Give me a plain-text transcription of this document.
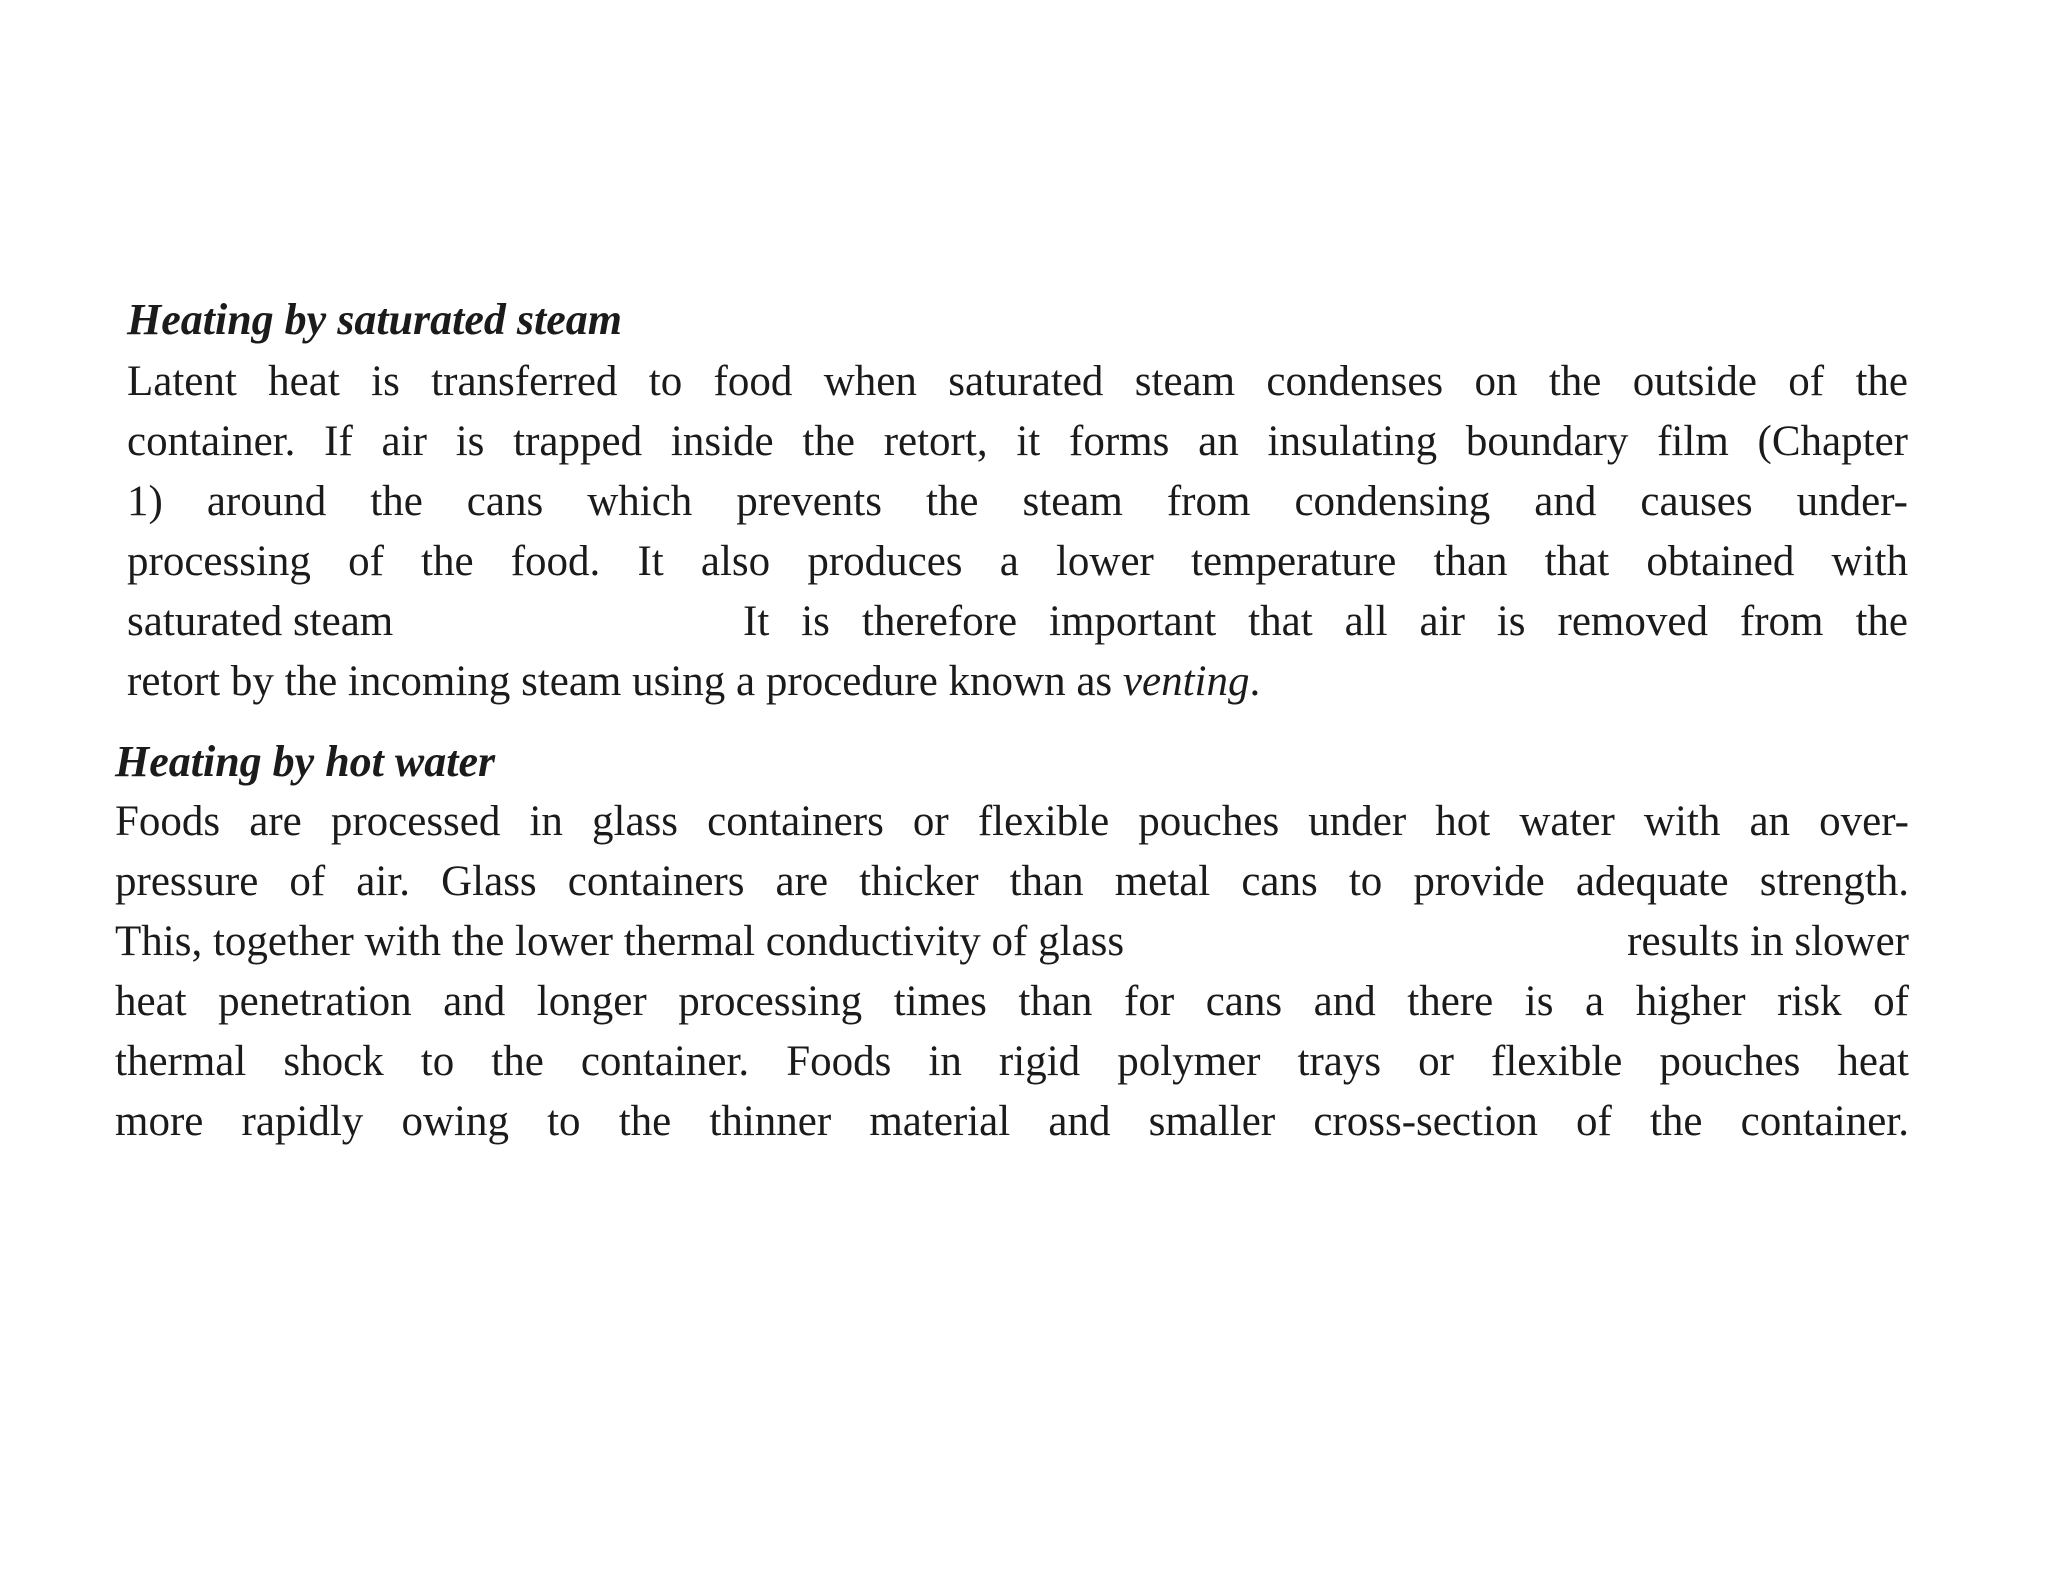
Heating by saturated steam
Latent heat is transferred to food when saturated steam condenses on the outside of the
container. If air is trapped inside the retort, it forms an insulating boundary film (Chapter
1) around the cans which prevents the steam from condensing and causes under-
processing of the food. It also produces a lower temperature than that obtained with
saturated steam	It is therefore important that all air is removed from the
retort by the incoming steam using a procedure known as venting.
Heating by hot water
Foods are processed in glass containers or flexible pouches under hot water with an over-
pressure of air. Glass containers are thicker than metal cans to provide adequate strength.
This, together with the lower thermal conductivity of glass	results in slower
heat penetration and longer processing times than for cans and there is a higher risk of
thermal shock to the container. Foods in rigid polymer trays or flexible pouches heat
more rapidly owing to the thinner material and smaller cross-section of the container.
